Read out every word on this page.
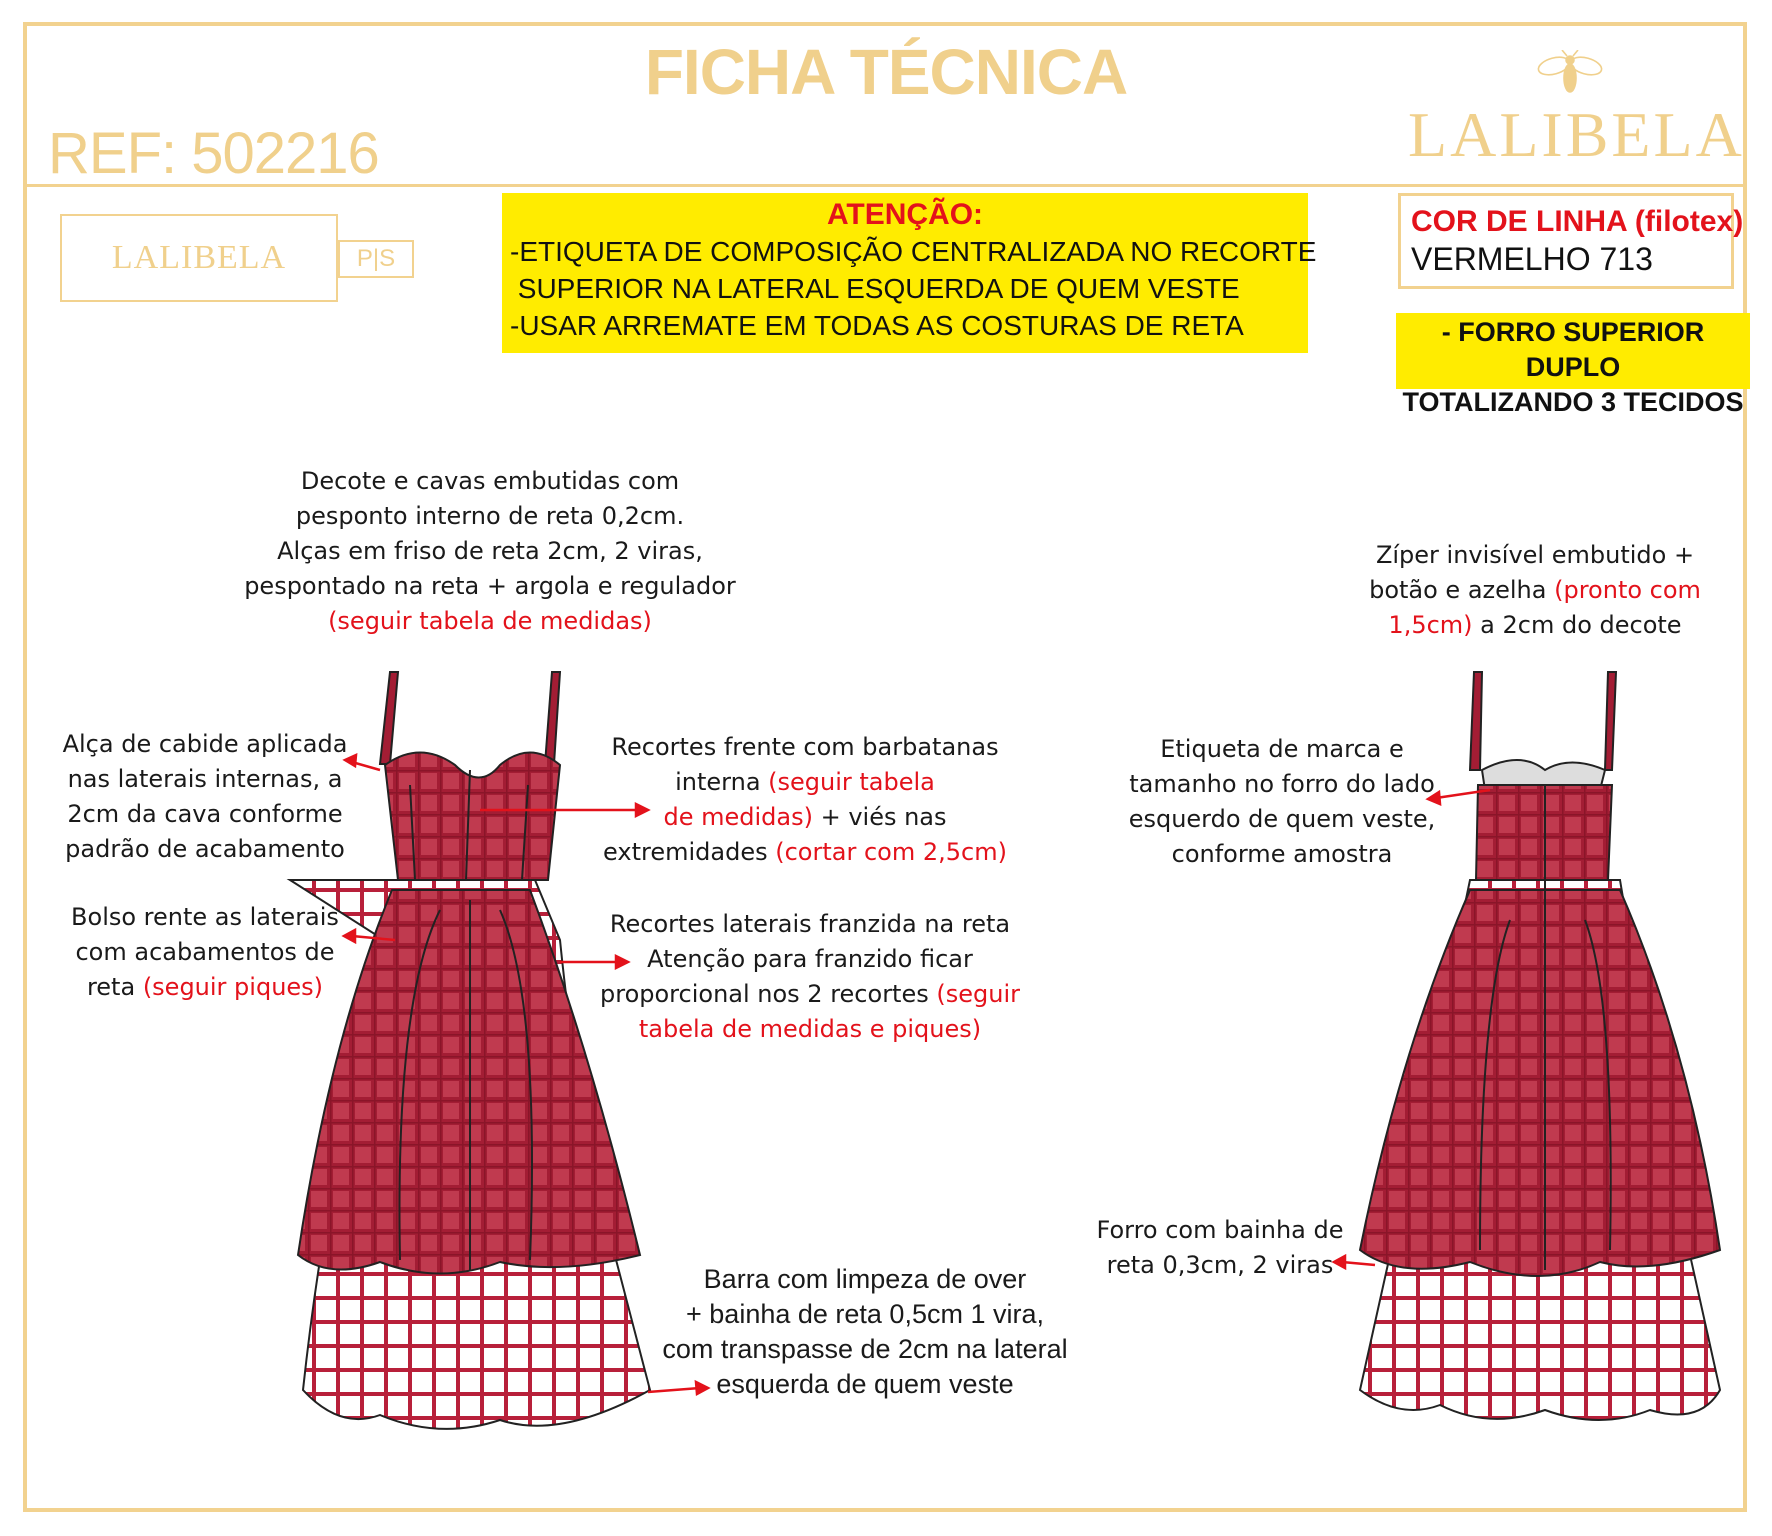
FICHA TÉCNICA
REF: 502216	LALIBELA
LALIBELA	P|S
ATENÇÃO:
-ETIQUETA DE COMPOSIÇÃO CENTRALIZADA NO RECORTE
SUPERIOR NA LATERAL ESQUERDA DE QUEM VESTE
-USAR ARREMATE EM TODAS AS COSTURAS DE RETA
COR DE LINHA (filotex)
VERMELHO 713
- FORRO SUPERIOR DUPLO
TOTALIZANDO 3 TECIDOS
Decote e cavas embutidas com
pesponto interno de reta 0,2cm.
Alças em friso de reta 2cm, 2 viras,
pespontado na reta + argola e regulador
(seguir tabela de medidas)
Alça de cabide aplicada
nas laterais internas, a
2cm da cava conforme
padrão de acabamento
Recortes frente com barbatanas
interna (seguir tabela
de medidas) + viés nas
extremidades (cortar com 2,5cm)
Bolso rente as laterais
com acabamentos de
reta (seguir piques)
Recortes laterais franzida na reta
Atenção para franzido ficar
proporcional nos 2 recortes (seguir
tabela de medidas e piques)
Barra com limpeza de over
+ bainha de reta 0,5cm 1 vira,
com transpasse de 2cm na lateral
esquerda de quem veste
Zíper invisível embutido +
botão e azelha (pronto com
1,5cm) a 2cm do decote
Etiqueta de marca e
tamanho no forro do lado
esquerdo de quem veste,
conforme amostra
Forro com bainha de
reta 0,3cm, 2 viras
